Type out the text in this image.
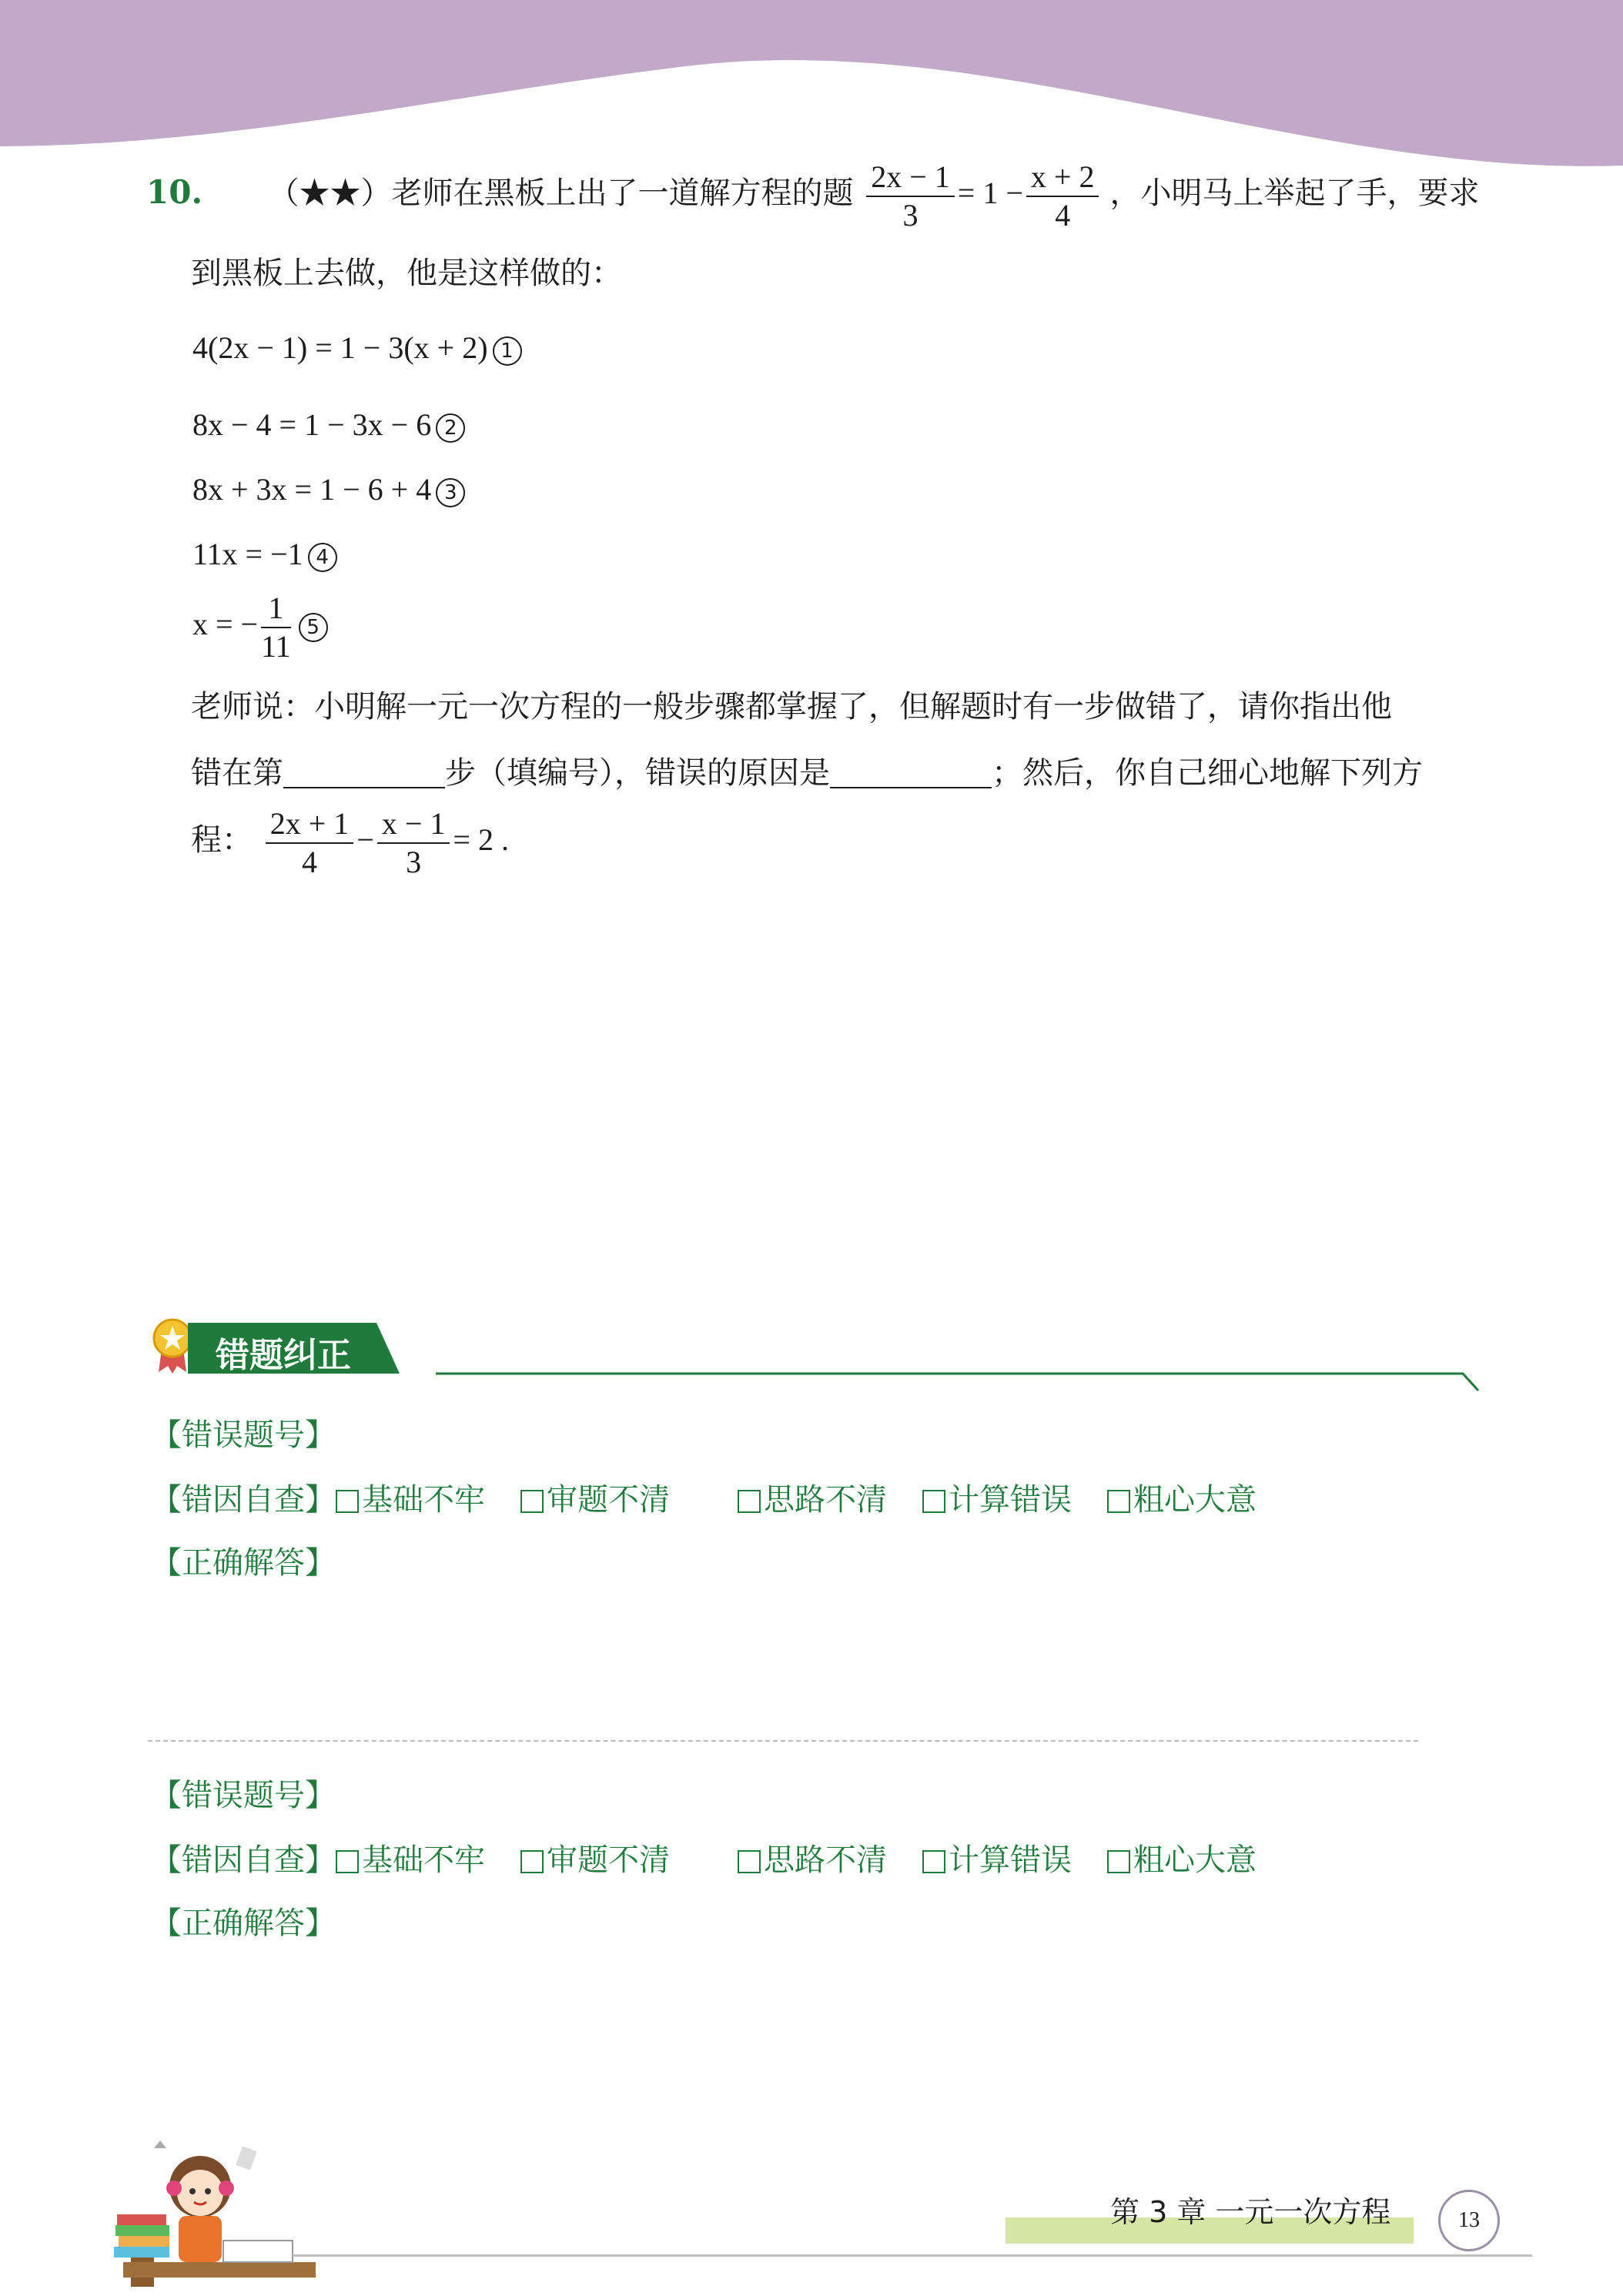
10. （★★）老师在黑板上出了一道解方程的题 $\frac{2x - 1}{3} = 1 - \frac{x + 2}{4}$ ，小明马上举起了手，要求
到黑板上去做，他是这样做的：
4(2x − 1) = 1 − 3(x + 2) 1
8x − 4 = 1 − 3x − 6 2
8x + 3x = 1 − 6 + 4 3
11x = −1 4
x = − $\frac{1}{11} 5$
老师说：小明解一元一次方程的一般步骤都掌握了，但解题时有一步做错了，请你指出他
错在第	步（填编号），错误的原因是	；然后，你自己细心地解下列方
程： $\frac{2x + 1}{4} - \frac{x - 1}{3} = 2$ .
错题纠正
【错误题号】
【错因自查】 基础不牢 审题不清	思路不清 计算错误 粗心大意
【正确解答】
【错误题号】
【错因自查】 基础不牢 审题不清	思路不清 计算错误 粗心大意
【正确解答】
第 3 章 一元一次方程	13
